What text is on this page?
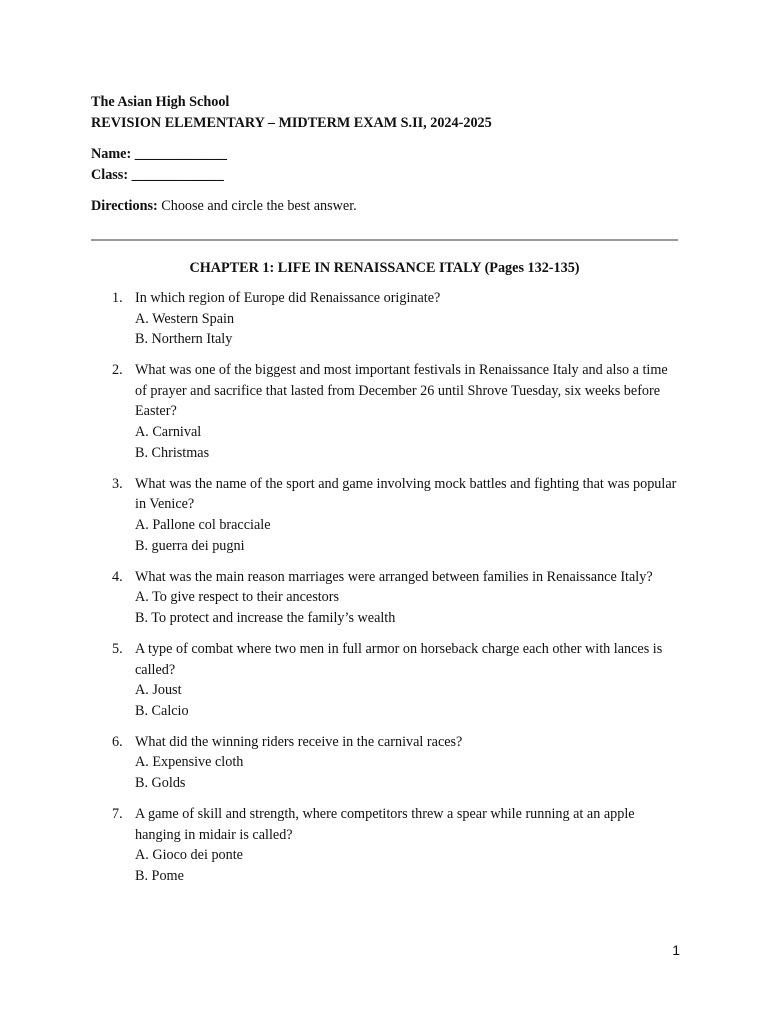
The Asian High School
REVISION ELEMENTARY – MIDTERM EXAM S.II, 2024-2025
Name: _____________
Class: _____________
Directions: Choose and circle the best answer.
CHAPTER 1: LIFE IN RENAISSANCE ITALY (Pages 132-135)
1. In which region of Europe did Renaissance originate?
A. Western Spain
B. Northern Italy
2. What was one of the biggest and most important festivals in Renaissance Italy and also a time of prayer and sacrifice that lasted from December 26 until Shrove Tuesday, six weeks before Easter?
A. Carnival
B. Christmas
3. What was the name of the sport and game involving mock battles and fighting that was popular in Venice?
A. Pallone col bracciale
B. guerra dei pugni
4. What was the main reason marriages were arranged between families in Renaissance Italy?
A. To give respect to their ancestors
B. To protect and increase the family’s wealth
5. A type of combat where two men in full armor on horseback charge each other with lances is called?
A. Joust
B. Calcio
6. What did the winning riders receive in the carnival races?
A. Expensive cloth
B. Golds
7. A game of skill and strength, where competitors threw a spear while running at an apple hanging in midair is called?
A. Gioco dei ponte
B. Pome
1
